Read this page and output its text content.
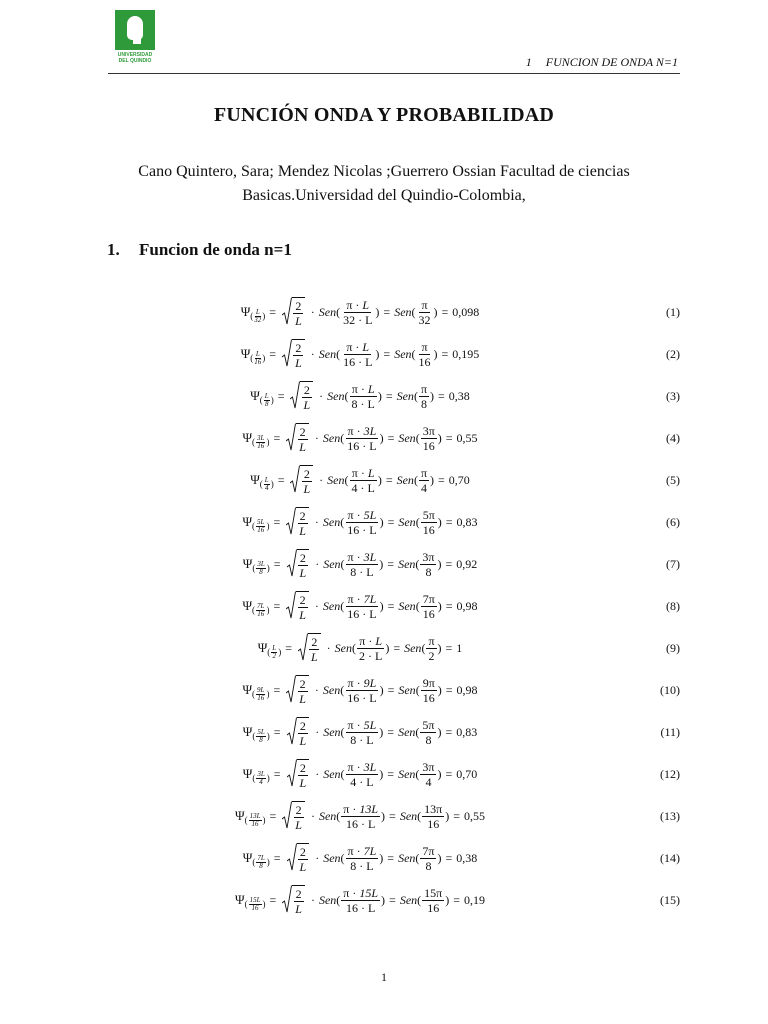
UNIVERSIDAD
DEL QUINDIO	1 FUNCION DE ONDA N=1
FUNCIÓN ONDA Y PROBABILIDAD
Cano Quintero, Sara; Mendez Nicolas ;Guerrero Ossian Facultad de ciencias Basicas.Universidad del Quindio-Colombia,
1. Funcion de onda n=1
Ψ ( $\frac{L}{32}$ ) = $\frac{2}{L}$ · Sen ( $\frac{\pi \cdot L}{32 \cdot L}$ ) = Sen ( $\frac{\pi}{32}$ ) = 0,098	(1)
Ψ ( $\frac{L}{16}$ ) = $\frac{2}{L}$ · Sen ( $\frac{\pi \cdot L}{16 \cdot L}$ ) = Sen ( $\frac{\pi}{16}$ ) = 0,195	(2)
Ψ ( $\frac{L}{8}$ ) = $\frac{2}{L}$ · Sen ( $\frac{\pi \cdot L}{8 \cdot L}$ ) = Sen ( $\frac{\pi}{8}$ ) = 0,38	(3)
Ψ ( $\frac{3L}{16}$ ) = $\frac{2}{L}$ · Sen ( $\frac{\pi \cdot 3L}{16 \cdot L}$ ) = Sen ( $\frac{3\pi}{16}$ ) = 0,55	(4)
Ψ ( $\frac{L}{4}$ ) = $\frac{2}{L}$ · Sen ( $\frac{\pi \cdot L}{4 \cdot L}$ ) = Sen ( $\frac{\pi}{4}$ ) = 0,70	(5)
Ψ ( $\frac{5L}{16}$ ) = $\frac{2}{L}$ · Sen ( $\frac{\pi \cdot 5L}{16 \cdot L}$ ) = Sen ( $\frac{5\pi}{16}$ ) = 0,83	(6)
Ψ ( $\frac{3L}{8}$ ) = $\frac{2}{L}$ · Sen ( $\frac{\pi \cdot 3L}{8 \cdot L}$ ) = Sen ( $\frac{3\pi}{8}$ ) = 0,92	(7)
Ψ ( $\frac{7L}{16}$ ) = $\frac{2}{L}$ · Sen ( $\frac{\pi \cdot 7L}{16 \cdot L}$ ) = Sen ( $\frac{7\pi}{16}$ ) = 0,98	(8)
Ψ ( $\frac{L}{2}$ ) = $\frac{2}{L}$ · Sen ( $\frac{\pi \cdot L}{2 \cdot L}$ ) = Sen ( $\frac{\pi}{2}$ ) = 1	(9)
Ψ ( $\frac{9L}{16}$ ) = $\frac{2}{L}$ · Sen ( $\frac{\pi \cdot 9L}{16 \cdot L}$ ) = Sen ( $\frac{9\pi}{16}$ ) = 0,98	(10)
Ψ ( $\frac{5L}{8}$ ) = $\frac{2}{L}$ · Sen ( $\frac{\pi \cdot 5L}{8 \cdot L}$ ) = Sen ( $\frac{5\pi}{8}$ ) = 0,83	(11)
Ψ ( $\frac{3L}{4}$ ) = $\frac{2}{L}$ · Sen ( $\frac{\pi \cdot 3L}{4 \cdot L}$ ) = Sen ( $\frac{3\pi}{4}$ ) = 0,70	(12)
Ψ ( $\frac{13L}{16}$ ) = $\frac{2}{L}$ · Sen ( $\frac{\pi \cdot 13L}{16 \cdot L}$ ) = Sen ( $\frac{13\pi}{16}$ ) = 0,55	(13)
Ψ ( $\frac{7L}{8}$ ) = $\frac{2}{L}$ · Sen ( $\frac{\pi \cdot 7L}{8 \cdot L}$ ) = Sen ( $\frac{7\pi}{8}$ ) = 0,38	(14)
Ψ ( $\frac{15L}{16}$ ) = $\frac{2}{L}$ · Sen ( $\frac{\pi \cdot 15L}{16 \cdot L}$ ) = Sen ( $\frac{15\pi}{16}$ ) = 0,19	(15)
1
